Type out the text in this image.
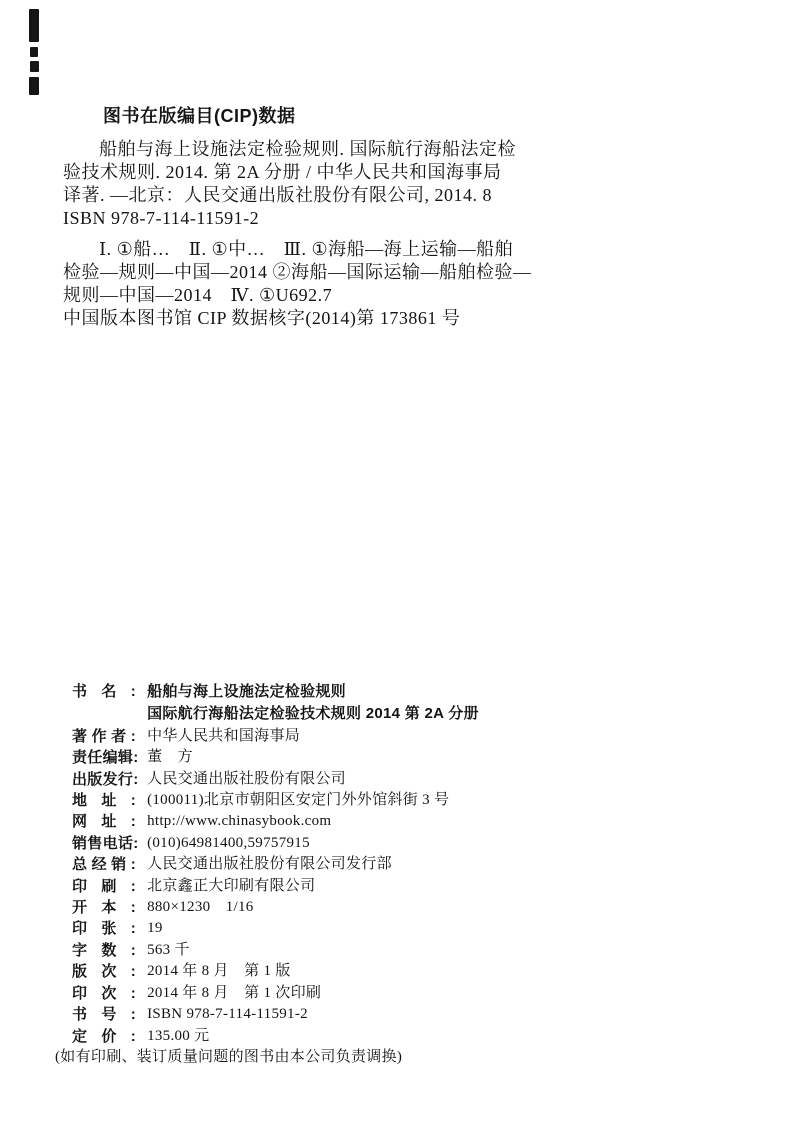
图书在版编目(CIP)数据

船舶与海上设施法定检验规则. 国际航行海船法定检

验技术规则. 2014. 第 2A 分册 / 中华人民共和国海事局

译著. —北京：人民交通出版社股份有限公司, 2014. 8

ISBN 978-7-114-11591-2

Ⅰ. ①船…　Ⅱ. ①中…　Ⅲ. ①海船—海上运输—船舶

检验—规则—中国—2014 ②海船—国际运输—船舶检验—

规则—中国—2014　Ⅳ. ①U692.7

中国版本图书馆 CIP 数据核字(2014)第 173861 号

书名: 船舶与海上设施法定检验规则
国际航行海船法定检验技术规则 2014 第 2A 分册
著作者: 中华人民共和国海事局
责任编辑: 董　方
出版发行: 人民交通出版社股份有限公司
地址: (100011)北京市朝阳区安定门外外馆斜街 3 号
网址: http://www.chinasybook.com
销售电话: (010)64981400,59757915
总经销: 人民交通出版社股份有限公司发行部
印刷: 北京鑫正大印刷有限公司
开本: 880×1230　1/16
印张: 19
字数: 563 千
版次: 2014 年 8 月　第 1 版
印次: 2014 年 8 月　第 1 次印刷
书号: ISBN 978-7-114-11591-2
定价: 135.00 元
(如有印刷、装订质量问题的图书由本公司负责调换)
